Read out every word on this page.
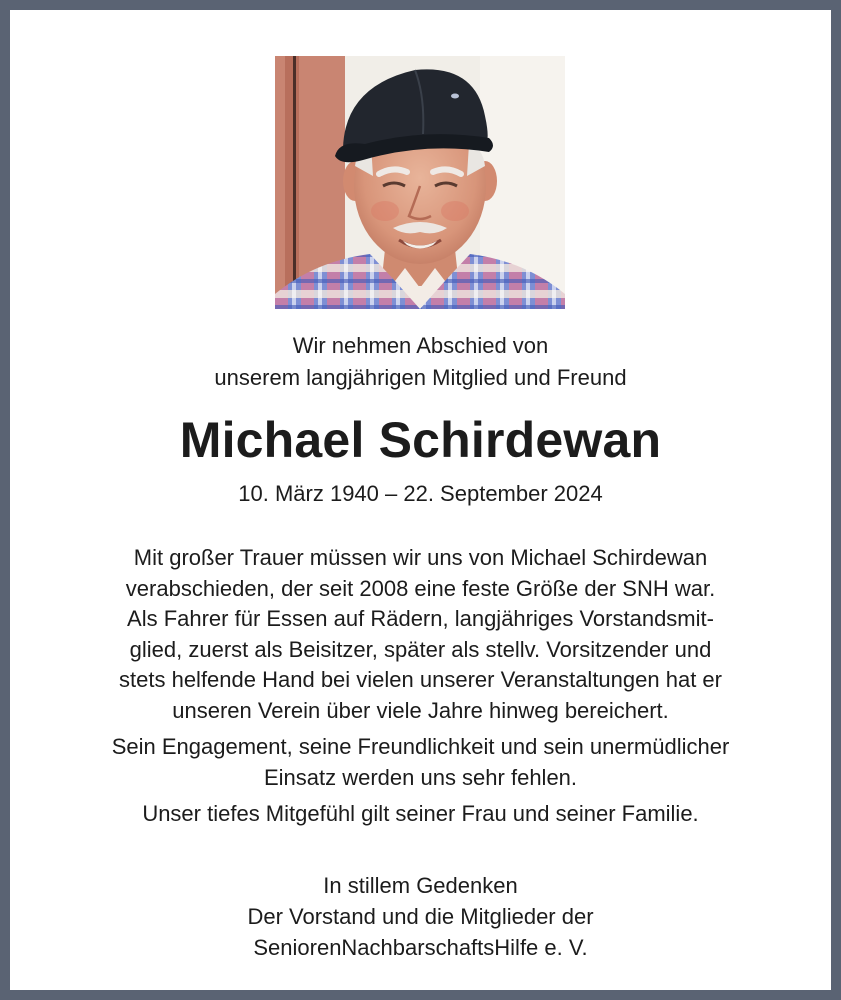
Wir nehmen Abschied von
unserem langjährigen Mitglied und Freund
Michael Schirdewan
10. März 1940 – 22. September 2024

Mit großer Trauer müssen wir uns von Michael Schirdewan
verabschieden, der seit 2008 eine feste Größe der SNH war.
Als Fahrer für Essen auf Rädern, langjähriges Vorstandsmit-
glied, zuerst als Beisitzer, später als stellv. Vorsitzender und
stets helfende Hand bei vielen unserer Veranstaltungen hat er
unseren Verein über viele Jahre hinweg bereichert.

Sein Engagement, seine Freundlichkeit und sein unermüdlicher
Einsatz werden uns sehr fehlen.

Unser tiefes Mitgefühl gilt seiner Frau und seiner Familie.

In stillem Gedenken
Der Vorstand und die Mitglieder der
SeniorenNachbarschaftsHilfe e. V.
